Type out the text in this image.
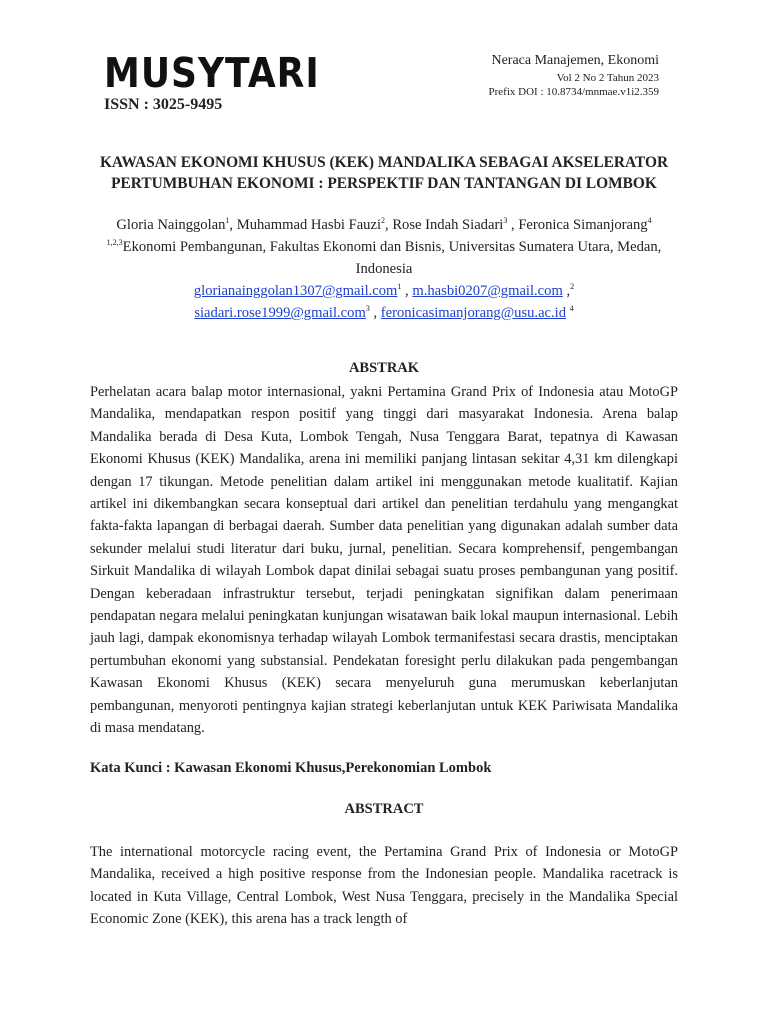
MUSYTARI
ISSN : 3025-9495
Neraca Manajemen, Ekonomi
Vol 2 No 2 Tahun 2023
Prefix DOI : 10.8734/mnmae.v1i2.359
KAWASAN EKONOMI KHUSUS (KEK) MANDALIKA SEBAGAI AKSELERATOR
PERTUMBUHAN EKONOMI : PERSPEKTIF DAN TANTANGAN DI LOMBOK
Gloria Nainggolan$^1$, Muhammad Hasbi Fauzi$^2$, Rose Indah Siadari$^3$ , Feronica Simanjorang$^4$
$^{1,2,3}$Ekonomi Pembangunan, Fakultas Ekonomi dan Bisnis, Universitas Sumatera Utara, Medan, Indonesia
glorianainggolan1307@gmail.com$^1$ , m.hasbi0207@gmail.com ,$^2$
siadari.rose1999@gmail.com$^3$ , feronicasimanjorang@usu.ac.id $^4$
ABSTRAK
Perhelatan acara balap motor internasional, yakni Pertamina Grand Prix of Indonesia atau MotoGP Mandalika, mendapatkan respon positif yang tinggi dari masyarakat Indonesia. Arena balap Mandalika berada di Desa Kuta, Lombok Tengah, Nusa Tenggara Barat, tepatnya di Kawasan Ekonomi Khusus (KEK) Mandalika, arena ini memiliki panjang lintasan sekitar 4,31 km dilengkapi dengan 17 tikungan. Metode penelitian dalam artikel ini menggunakan metode kualitatif. Kajian artikel ini dikembangkan secara konseptual dari artikel dan penelitian terdahulu yang mengangkat fakta-fakta lapangan di berbagai daerah. Sumber data penelitian yang digunakan adalah sumber data sekunder melalui studi literatur dari buku, jurnal, penelitian. Secara komprehensif, pengembangan Sirkuit Mandalika di wilayah Lombok dapat dinilai sebagai suatu proses pembangunan yang positif. Dengan keberadaan infrastruktur tersebut, terjadi peningkatan signifikan dalam penerimaan pendapatan negara melalui peningkatan kunjungan wisatawan baik lokal maupun internasional. Lebih jauh lagi, dampak ekonomisnya terhadap wilayah Lombok termanifestasi secara drastis, menciptakan pertumbuhan ekonomi yang substansial. Pendekatan foresight perlu dilakukan pada pengembangan Kawasan Ekonomi Khusus (KEK) secara menyeluruh guna merumuskan keberlanjutan pembangunan, menyoroti pentingnya kajian strategi keberlanjutan untuk KEK Pariwisata Mandalika di masa mendatang.
Kata Kunci : Kawasan Ekonomi Khusus,Perekonomian Lombok
ABSTRACT
The international motorcycle racing event, the Pertamina Grand Prix of Indonesia or MotoGP Mandalika, received a high positive response from the Indonesian people. Mandalika racetrack is located in Kuta Village, Central Lombok, West Nusa Tenggara, precisely in the Mandalika Special Economic Zone (KEK), this arena has a track length of
